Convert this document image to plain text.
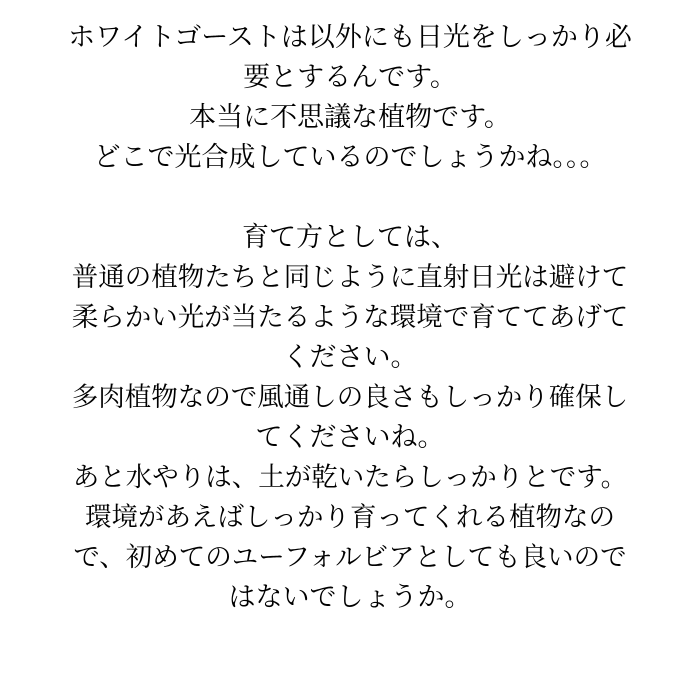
ホワイトゴーストは以外にも日光をしっかり必
要とするんです。
本当に不思議な植物です。
どこで光合成しているのでしょうかね。。。
育て方としては、
普通の植物たちと同じように直射日光は避けて
柔らかい光が当たるような環境で育ててあげて
ください。
多肉植物なので風通しの良さもしっかり確保し
てくださいね。
あと水やりは、土が乾いたらしっかりとです。
環境があえばしっかり育ってくれる植物なの
で、初めてのユーフォルビアとしても良いので
はないでしょうか。
